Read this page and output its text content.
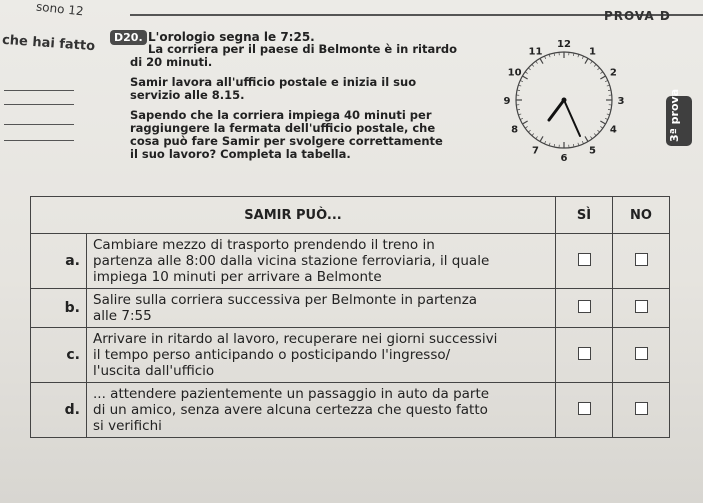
sono 12	PROVA D
che hai fatto	D20. L'orologio segna le 7:25.
La corriera per il paese di Belmonte è in ritardo
di 20 minuti.
Samir lavora all'ufficio postale e inizia il suo
servizio alle 8.15.
Sapendo che la corriera impiega 40 minuti per
raggiungere la fermata dell'ufficio postale, che
cosa può fare Samir per svolgere correttamente
il suo lavoro? Completa la tabella.
12
1
2
3
4
5
6
7
8
9
10
11
3ª prova
SAMIR PUÒ...		SÌ	NO
a.	Cambiare mezzo di trasporto prendendo il treno in
partenza alle 8:00 dalla vicina stazione ferroviaria, il quale
impiega 10 minuti per arrivare a Belmonte		

b.	Salire sulla corriera successiva per Belmonte in partenza
alle 7:55		

c.	Arrivare in ritardo al lavoro, recuperare nei giorni successivi
il tempo perso anticipando o posticipando l'ingresso/
l'uscita dall'ufficio		

d.	... attendere pazientemente un passaggio in auto da parte
di un amico, senza avere alcuna certezza che questo fatto
si verifichi		
